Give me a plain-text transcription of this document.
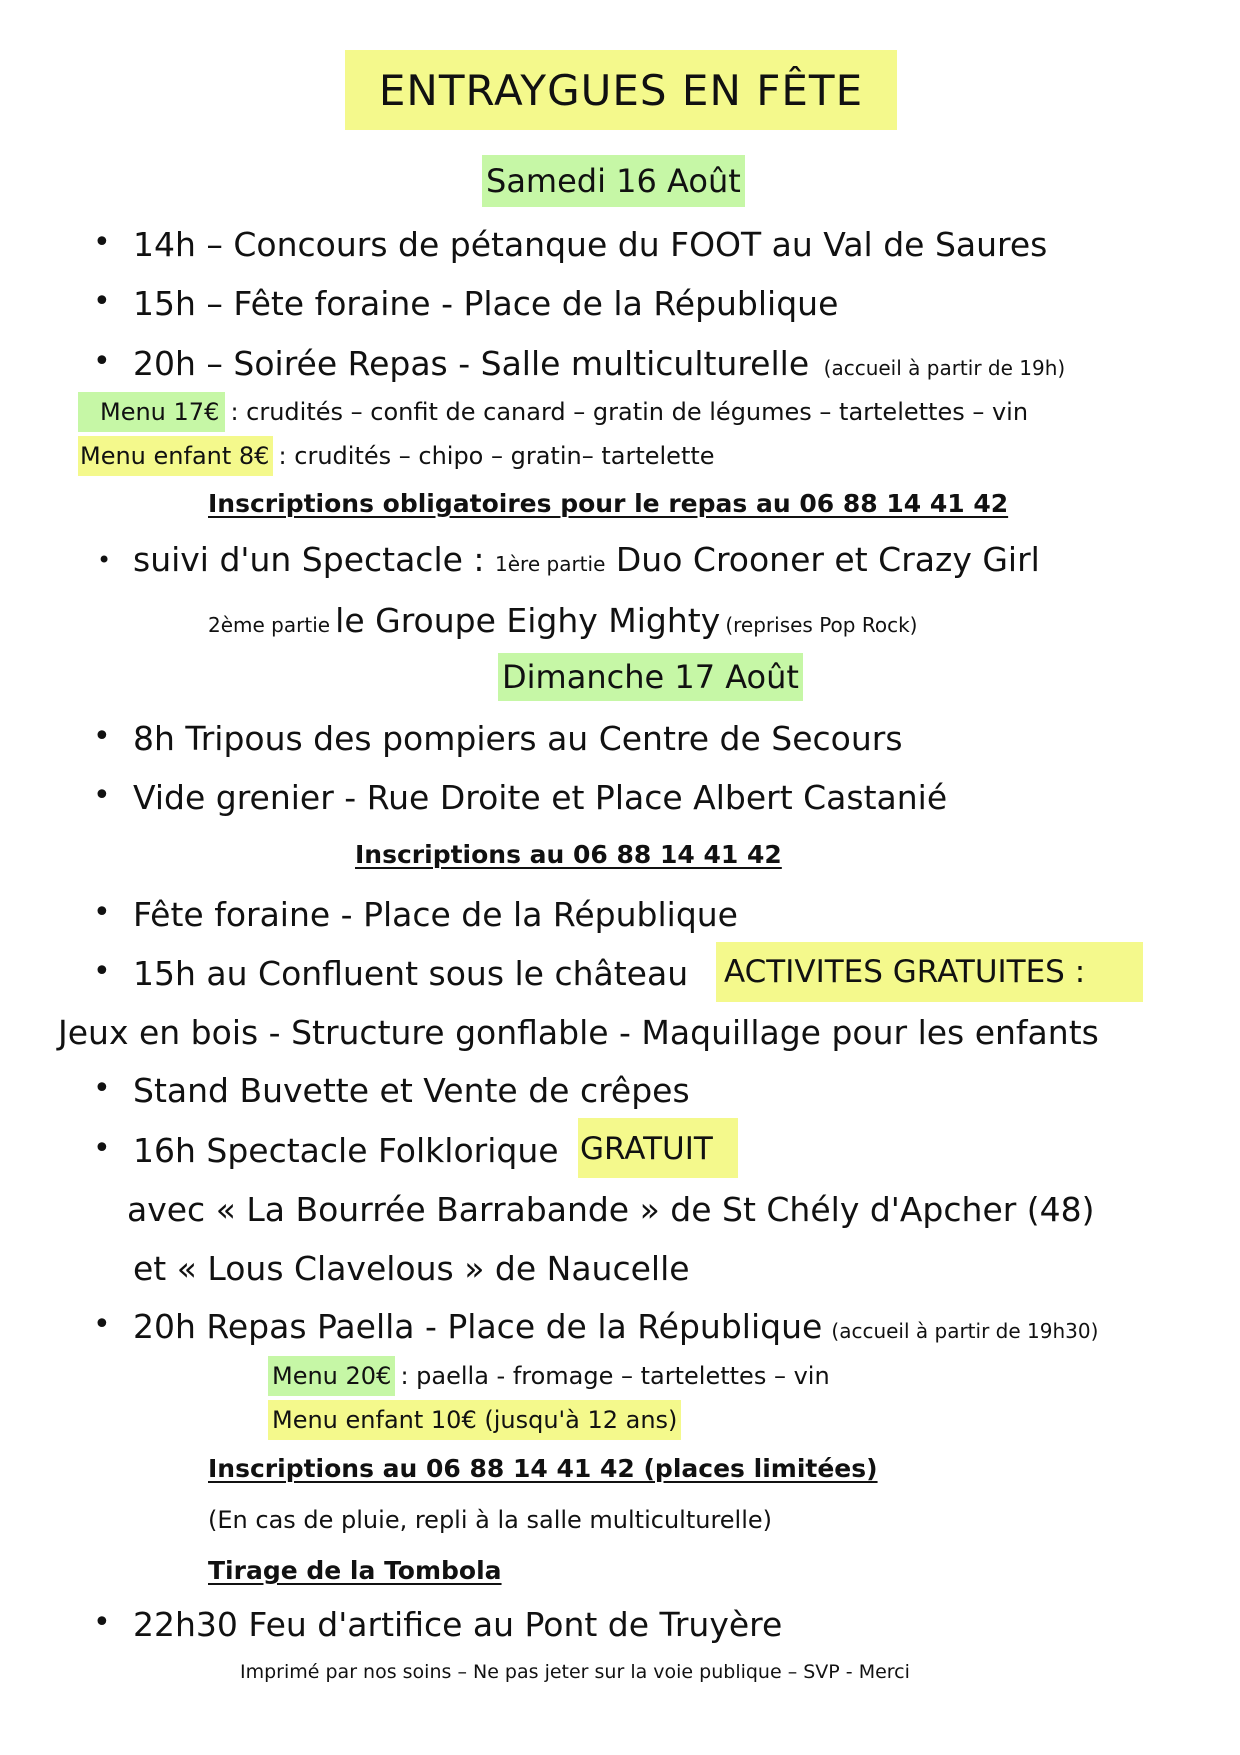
ENTRAYGUES EN FÊTE
Samedi 16 Août
• 14h – Concours de pétanque du FOOT au Val de Saures
• 15h – Fête foraine - Place de la République
• 20h – Soirée Repas - Salle multiculturelle (accueil à partir de 19h)
Menu 17€ : crudités – confit de canard – gratin de légumes – tartelettes – vin
Menu enfant 8€ : crudités – chipo – gratin– tartelette
Inscriptions obligatoires pour le repas au 06 88 14 41 42
• suivi d'un Spectacle : 1ère partie Duo Crooner et Crazy Girl
2ème partie le Groupe Eighy Mighty (reprises Pop Rock)
Dimanche 17 Août
• 8h Tripous des pompiers au Centre de Secours
• Vide grenier - Rue Droite et Place Albert Castanié
Inscriptions au 06 88 14 41 42
• Fête foraine - Place de la République
• 15h au Confluent sous le château ACTIVITES GRATUITES :
Jeux en bois - Structure gonflable - Maquillage pour les enfants
• Stand Buvette et Vente de crêpes
• 16h Spectacle Folklorique GRATUIT
avec « La Bourrée Barrabande » de St Chély d'Apcher (48)
et « Lous Clavelous » de Naucelle
• 20h Repas Paella - Place de la République (accueil à partir de 19h30)
Menu 20€ : paella - fromage – tartelettes – vin
Menu enfant 10€ (jusqu'à 12 ans)
Inscriptions au 06 88 14 41 42 (places limitées)
(En cas de pluie, repli à la salle multiculturelle)
Tirage de la Tombola
• 22h30 Feu d'artifice au Pont de Truyère
Imprimé par nos soins – Ne pas jeter sur la voie publique – SVP - Merci
